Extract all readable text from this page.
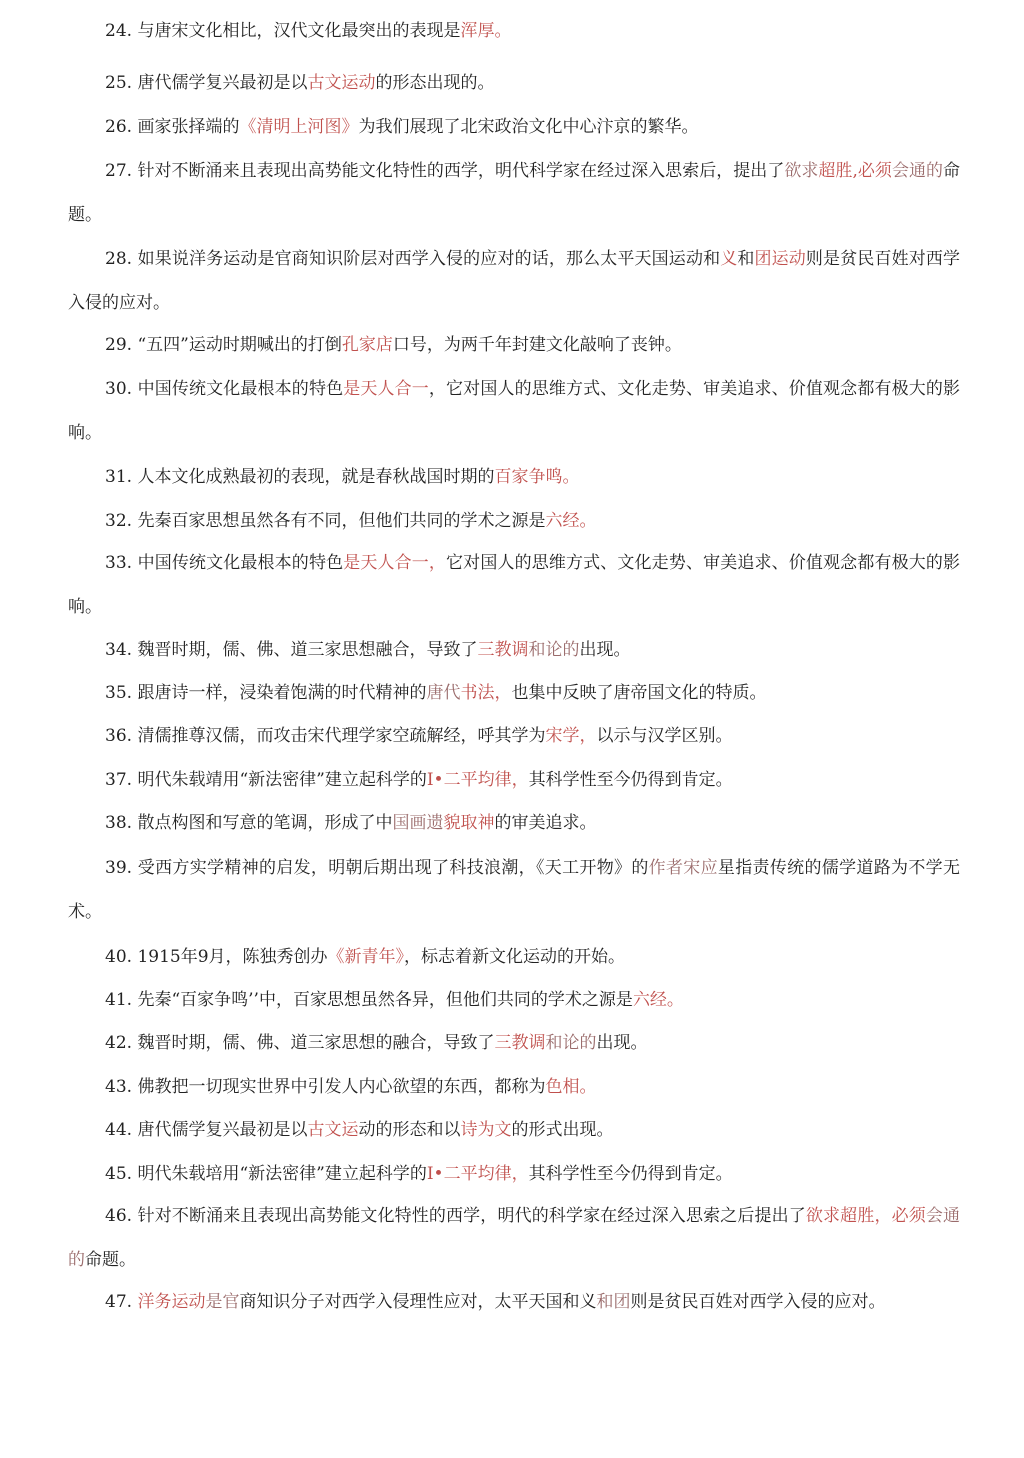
24. 与唐宋文化相比，汉代文化最突出的表现是浑厚。
25. 唐代儒学复兴最初是以古文运动的形态出现的。
26. 画家张择端的《清明上河图》为我们展现了北宋政治文化中心汴京的繁华。
27. 针对不断涌来且表现出高势能文化特性的西学，明代科学家在经过深入思索后，提出了欲求超胜,必须会通的命题。
28. 如果说洋务运动是官商知识阶层对西学入侵的应对的话，那么太平天国运动和义和团运动则是贫民百姓对西学入侵的应对。
29. “五四”运动时期喊出的打倒孔家店口号，为两千年封建文化敲响了丧钟。
30. 中国传统文化最根本的特色是天人合一，它对国人的思维方式、文化走势、审美追求、价值观念都有极大的影响。
31. 人本文化成熟最初的表现，就是春秋战国时期的百家争鸣。
32. 先秦百家思想虽然各有不同，但他们共同的学术之源是六经。
33. 中国传统文化最根本的特色是天人合一，它对国人的思维方式、文化走势、审美追求、价值观念都有极大的影响。
34. 魏晋时期，儒、佛、道三家思想融合，导致了三教调和论的出现。
35. 跟唐诗一样，浸染着饱满的时代精神的唐代书法，也集中反映了唐帝国文化的特质。
36. 清儒推尊汉儒，而攻击宋代理学家空疏解经，呼其学为宋学，以示与汉学区别。
37. 明代朱载靖用“新法密律”建立起科学的I•二平均律，其科学性至今仍得到肯定。
38. 散点构图和写意的笔调，形成了中国画遗貌取神的审美追求。
39. 受西方实学精神的启发，明朝后期出现了科技浪潮，《天工开物》的作者宋应星指责传统的儒学道路为不学无术。
40. 1915年9月，陈独秀创办《新青年》，标志着新文化运动的开始。
41. 先秦“百家争鸣’’中，百家思想虽然各异，但他们共同的学术之源是六经。
42. 魏晋时期，儒、佛、道三家思想的融合，导致了三教调和论的出现。
43. 佛教把一切现实世界中引发人内心欲望的东西，都称为色相。
44. 唐代儒学复兴最初是以古文运动的形态和以诗为文的形式出现。
45. 明代朱载培用“新法密律”建立起科学的I•二平均律，其科学性至今仍得到肯定。
46. 针对不断涌来且表现出高势能文化特性的西学，明代的科学家在经过深入思索之后提出了欲求超胜，必须会通的命题。
47. 洋务运动是官商知识分子对西学入侵理性应对，太平天国和义和团则是贫民百姓对西学入侵的应对。
